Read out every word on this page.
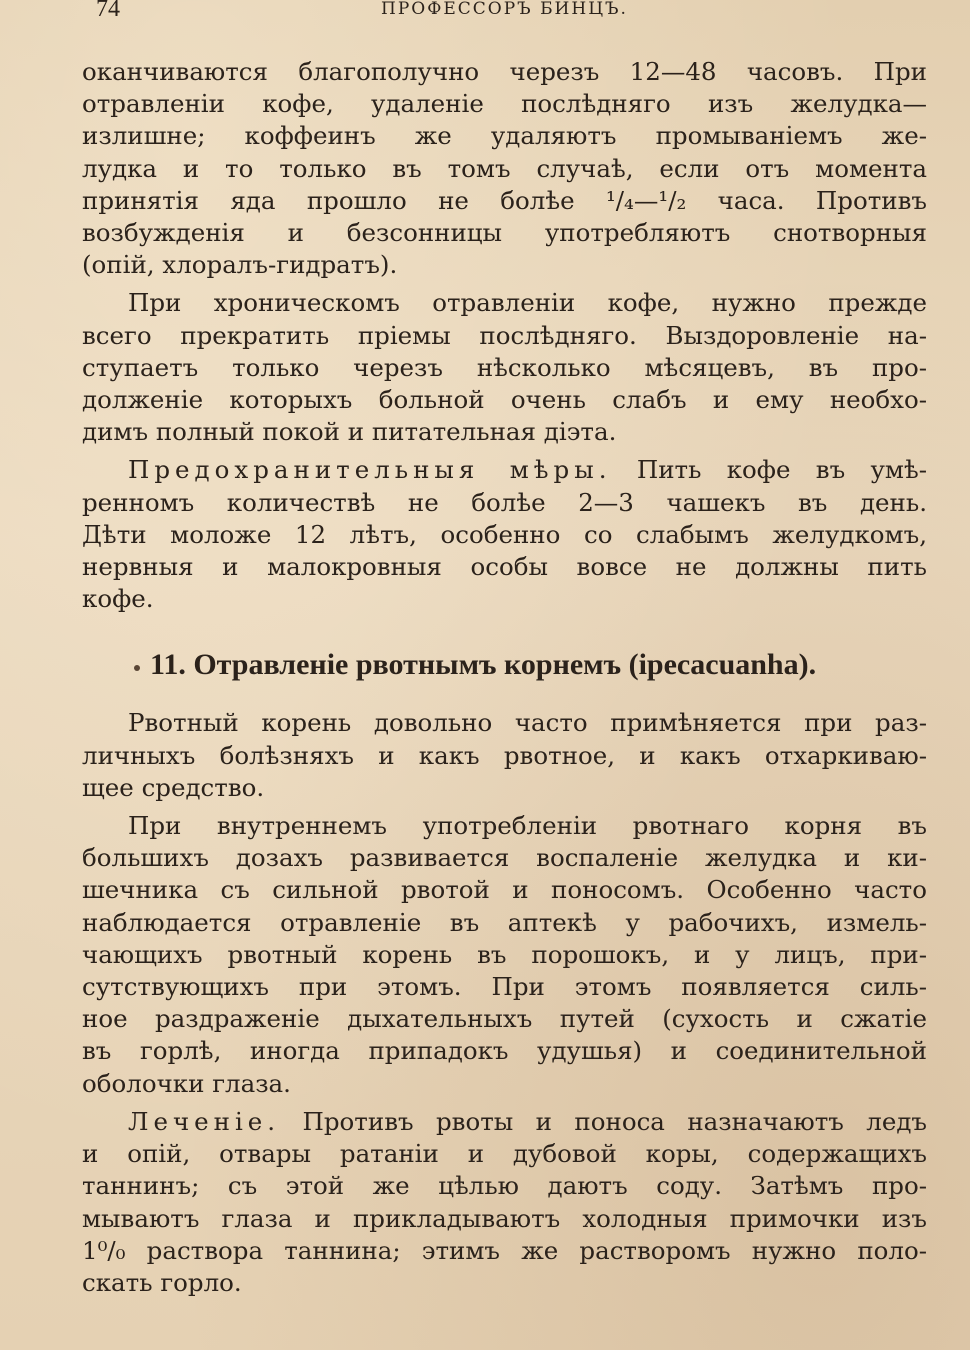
74	ПРОФЕССОРЪ БИНЦЪ.

оканчиваются благополучно черезъ 12—48 часовъ. При
отравленіи кофе, удаленіе послѣдняго изъ желудка—
излишне; коффеинъ же удаляютъ промываніемъ же-
лудка и то только въ томъ случаѣ, если отъ момента
принятія яда прошло не болѣе ¹/₄—¹/₂ часа. Противъ
возбужденія и безсонницы употребляютъ снотворныя
(опій, хлоралъ-гидратъ).

При хроническомъ отравленіи кофе, нужно прежде
всего прекратить пріемы послѣдняго. Выздоровленіе на-
ступаетъ только черезъ нѣсколько мѣсяцевъ, въ про-
долженіе которыхъ больной очень слабъ и ему необхо-
димъ полный покой и питательная діэта.

Предохранительныя мѣры. Пить кофе въ умѣ-
ренномъ количествѣ не болѣе 2—3 чашекъ въ день.
Дѣти моложе 12 лѣтъ, особенно со слабымъ желудкомъ,
нервныя и малокровныя особы вовсе не должны пить
кофе.

11. Отравленіе рвотнымъ корнемъ (ipecacuanha).

Рвотный корень довольно часто примѣняется при раз-
личныхъ болѣзняхъ и какъ рвотное, и какъ отхаркиваю-
щее средство.

При внутреннемъ употребленіи рвотнаго корня въ
большихъ дозахъ развивается воспаленіе желудка и ки-
шечника съ сильной рвотой и поносомъ. Особенно часто
наблюдается отравленіе въ аптекѣ у рабочихъ, измель-
чающихъ рвотный корень въ порошокъ, и у лицъ, при-
сутствующихъ при этомъ. При этомъ появляется силь-
ное раздраженіе дыхательныхъ путей (сухость и сжатіе
въ горлѣ, иногда припадокъ удушья) и соединительной
оболочки глаза.

Леченіе. Противъ рвоты и поноса назначаютъ ледъ
и опій, отвары ратаніи и дубовой коры, содержащихъ
таннинъ; съ этой же цѣлью даютъ соду. Затѣмъ про-
мываютъ глаза и прикладываютъ холодныя примочки изъ
1⁰/₀ раствора таннина; этимъ же растворомъ нужно поло-
скать горло.
